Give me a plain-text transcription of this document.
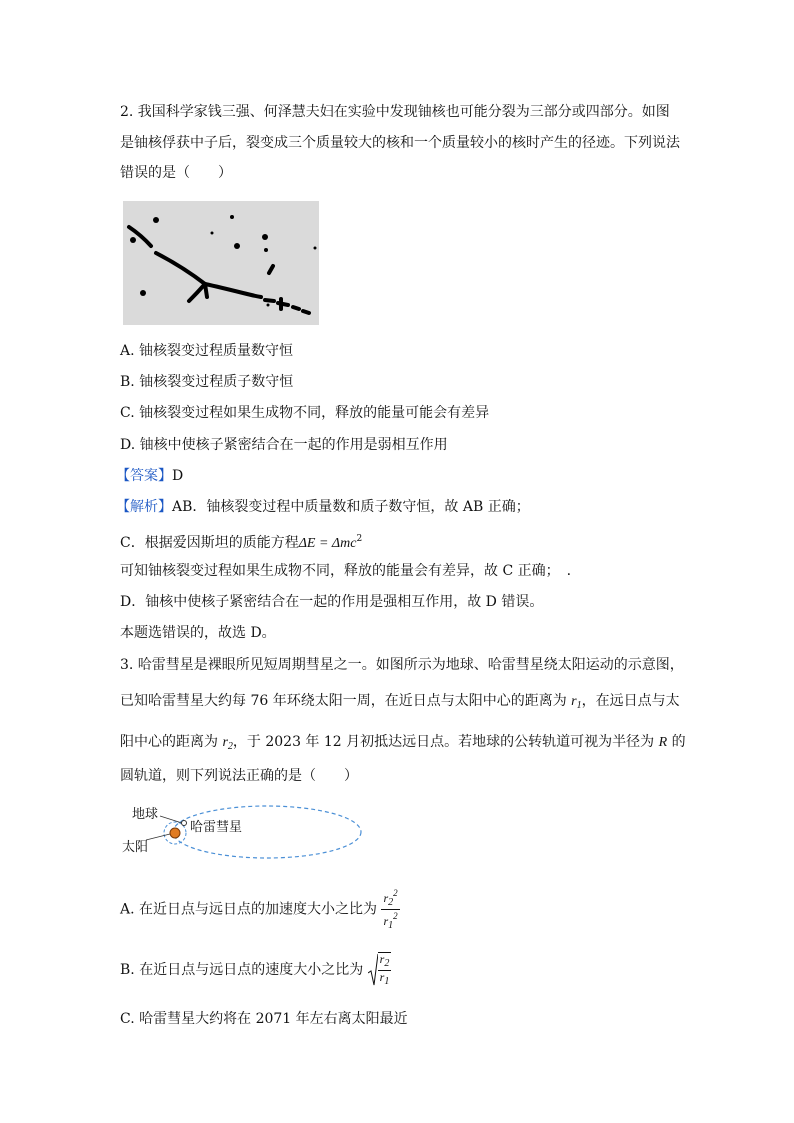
2. 我国科学家钱三强、何泽慧夫妇在实验中发现铀核也可能分裂为三部分或四部分。如图
是铀核俘获中子后，裂变成三个质量较大的核和一个质量较小的核时产生的径迹。下列说法
错误的是（　　）
A. 铀核裂变过程质量数守恒
B. 铀核裂变过程质子数守恒
C. 铀核裂变过程如果生成物不同，释放的能量可能会有差异
D. 铀核中使核子紧密结合在一起的作用是弱相互作用
【答案】D
【解析】AB．铀核裂变过程中质量数和质子数守恒，故 AB 正确；
C．根据爱因斯坦的质能方程ΔE = Δmc$^2$
可知铀核裂变过程如果生成物不同，释放的能量会有差异，故 C 正确；　.
D．铀核中使核子紧密结合在一起的作用是强相互作用，故 D 错误。
本题选错误的，故选 D。
3. 哈雷彗星是裸眼所见短周期彗星之一。如图所示为地球、哈雷彗星绕太阳运动的示意图，
已知哈雷彗星大约每 76 年环绕太阳一周，在近日点与太阳中心的距离为 $r_1$，在远日点与太
阳中心的距离为 $r_2$，于 2023 年 12 月初抵达远日点。若地球的公转轨道可视为半径为 R 的
圆轨道，则下列说法正确的是（　　）
地球
哈雷彗星
太阳
A. 在近日点与远日点的加速度大小之比为 $\frac{r_2^2}{r_1^2}$
B. 在近日点与远日点的速度大小之比为 $\frac{r_2}{r_1}$
C. 哈雷彗星大约将在 2071 年左右离太阳最近
